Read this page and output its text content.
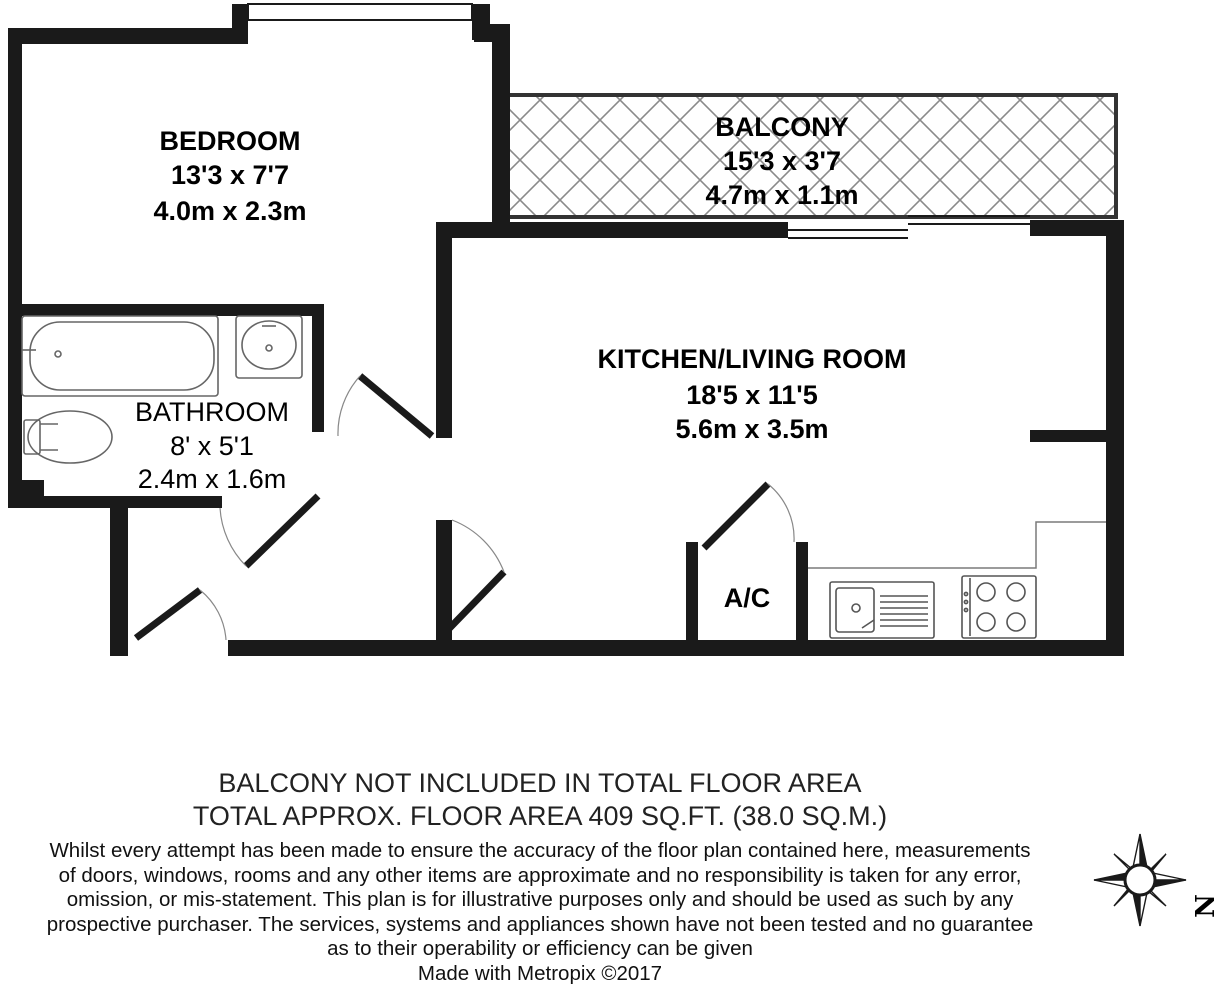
BEDROOM
13'3 x 7'7
4.0m x 2.3m
BALCONY
15'3 x 3'7
4.7m x 1.1m
KITCHEN/LIVING ROOM
18'5 x 11'5
5.6m x 3.5m
BATHROOM
8' x 5'1
2.4m x 1.6m
A/C
N
BALCONY NOT INCLUDED IN TOTAL FLOOR AREA
TOTAL APPROX. FLOOR AREA 409 SQ.FT. (38.0 SQ.M.)
Whilst every attempt has been made to ensure the accuracy of the floor plan contained here, measurements
of doors, windows, rooms and any other items are approximate and no responsibility is taken for any error,
omission, or mis-statement. This plan is for illustrative purposes only and should be used as such by any
prospective purchaser. The services, systems and appliances shown have not been tested and no guarantee
as to their operability or efficiency can be given
Made with Metropix ©2017
